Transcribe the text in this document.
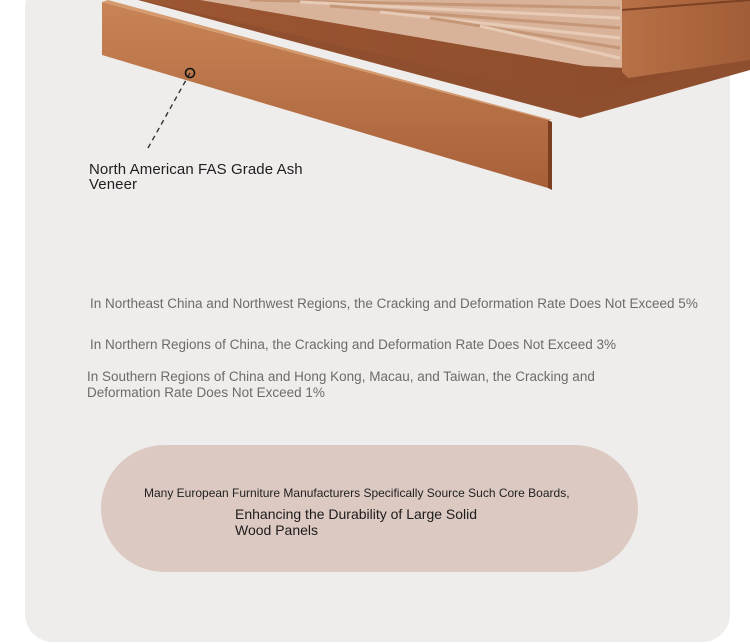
North American FAS Grade Ash Veneer
In Northeast China and Northwest Regions, the Cracking and Deformation Rate Does Not Exceed 5%
In Northern Regions of China, the Cracking and Deformation Rate Does Not Exceed 3%
In Southern Regions of China and Hong Kong, Macau, and Taiwan, the Cracking and Deformation Rate Does Not Exceed 1%
Many European Furniture Manufacturers Specifically Source Such Core Boards,
Enhancing the Durability of Large Solid Wood Panels
